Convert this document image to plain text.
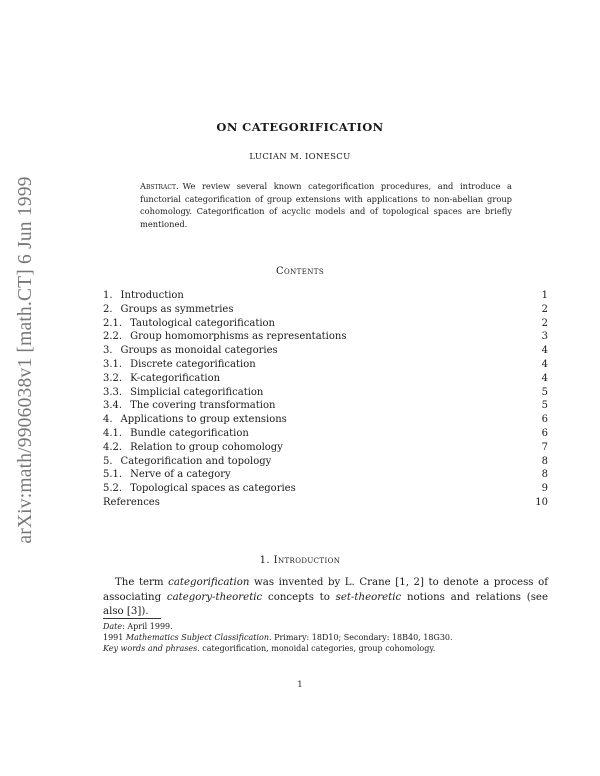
arXiv:math/9906038v1 [math.CT] 6 Jun 1999
ON CATEGORIFICATION
LUCIAN M. IONESCU
Abstract. We review several known categorification procedures, and introduce a functorial categorification of group extensions with applications to non-abelian group cohomology. Categorification of acyclic models and of topological spaces are briefly mentioned.
Contents
1. Introduction	1
2. Groups as symmetries	2
2.1. Tautological categorification	2
2.2. Group homomorphisms as representations	3
3. Groups as monoidal categories	4
3.1. Discrete categorification	4
3.2. K-categorification	4
3.3. Simplicial categorification	5
3.4. The covering transformation	5
4. Applications to group extensions	6
4.1. Bundle categorification	6
4.2. Relation to group cohomology	7
5. Categorification and topology	8
5.1. Nerve of a category	8
5.2. Topological spaces as categories	9
References	10
1. Introduction
The term categorification was invented by L. Crane [1, 2] to denote a process of associating category-theoretic concepts to set-theoretic notions and relations (see also [3]).
Date: April 1999.
1991 Mathematics Subject Classification. Primary: 18D10; Secondary: 18B40, 18G30.
Key words and phrases. categorification, monoidal categories, group cohomology.
1
